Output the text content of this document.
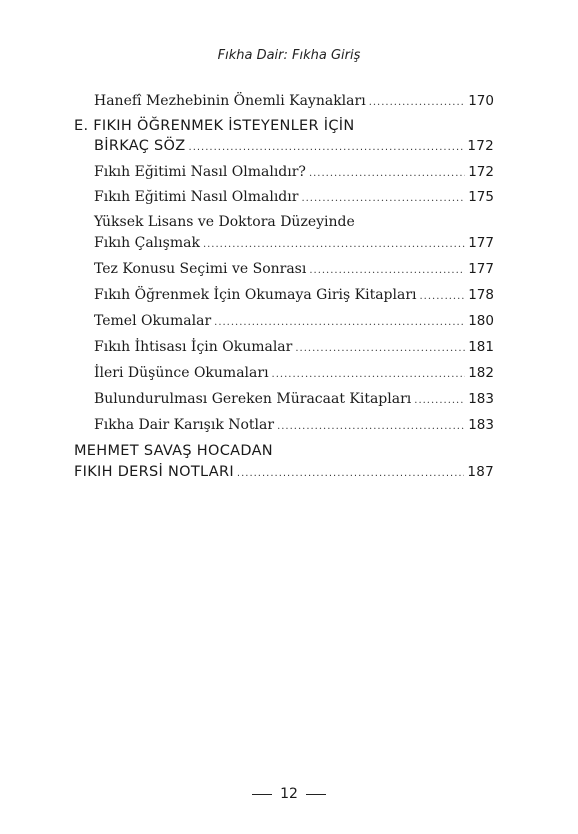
Fıkha Dair: Fıkha Giriş
Hanefî Mezhebinin Önemli Kaynakları .....	170
E. FIKIH ÖĞRENMEK İSTEYENLER İÇİN
BİRKAÇ SÖZ .....	172
Fıkıh Eğitimi Nasıl Olmalıdır? .....	172
Fıkıh Eğitimi Nasıl Olmalıdır .....	175
Yüksek Lisans ve Doktora Düzeyinde
Fıkıh Çalışmak .....	177
Tez Konusu Seçimi ve Sonrası .....	177
Fıkıh Öğrenmek İçin Okumaya Giriş Kitapları .....	178
Temel Okumalar .....	180
Fıkıh İhtisası İçin Okumalar .....	181
İleri Düşünce Okumaları .....	182
Bulundurulması Gereken Müracaat Kitapları .....	183
Fıkha Dair Karışık Notlar .....	183
MEHMET SAVAŞ HOCADAN
FIKIH DERSİ NOTLARI .....	187
12
